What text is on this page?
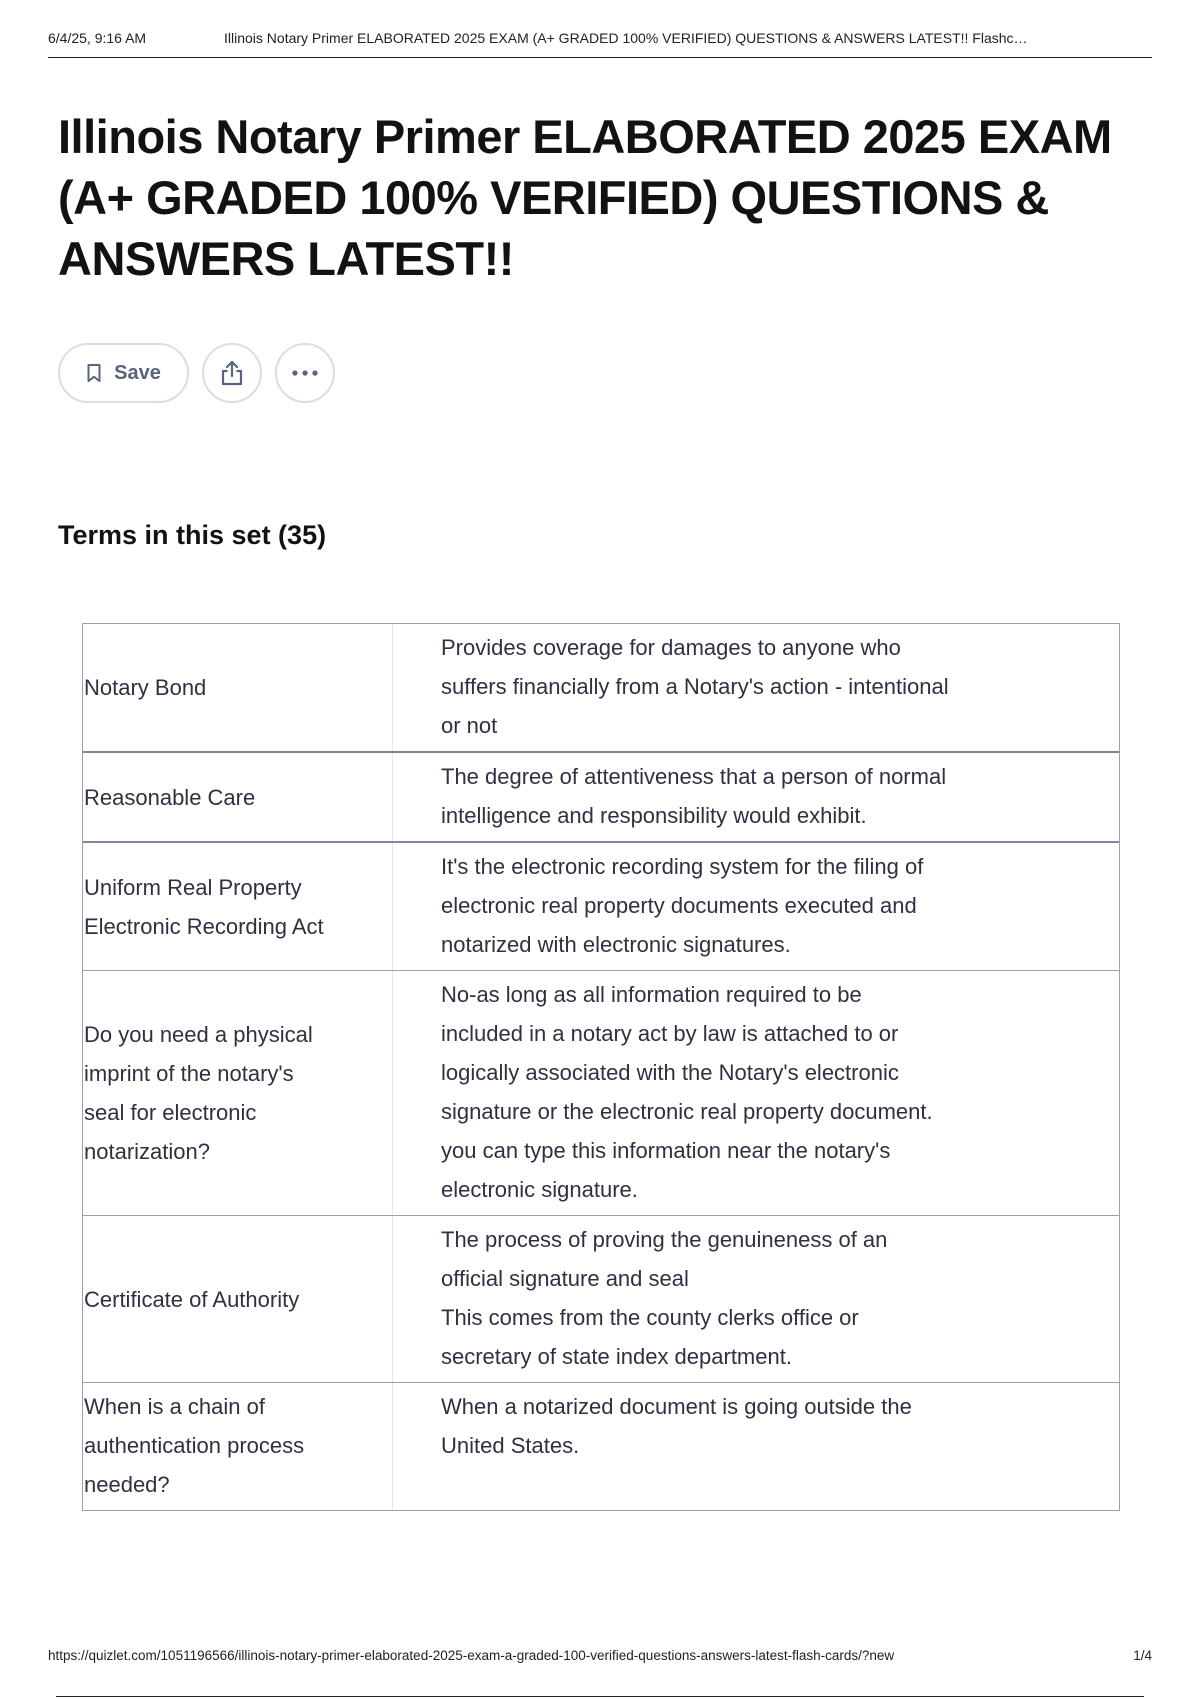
6/4/25, 9:16 AM	Illinois Notary Primer ELABORATED 2025 EXAM (A+ GRADED 100% VERIFIED) QUESTIONS & ANSWERS LATEST!! Flashc…
Illinois Notary Primer ELABORATED 2025 EXAM (A+ GRADED 100% VERIFIED) QUESTIONS & ANSWERS LATEST!!
Save
Terms in this set (35)
Notary Bond
Provides coverage for damages to anyone who
suffers financially from a Notary's action - intentional
or not
Reasonable Care
The degree of attentiveness that a person of normal
intelligence and responsibility would exhibit.
Uniform Real Property
Electronic Recording Act
It's the electronic recording system for the filing of
electronic real property documents executed and
notarized with electronic signatures.
Do you need a physical
imprint of the notary's
seal for electronic
notarization?
No-as long as all information required to be
included in a notary act by law is attached to or
logically associated with the Notary's electronic
signature or the electronic real property document.
you can type this information near the notary's
electronic signature.
Certificate of Authority
The process of proving the genuineness of an
official signature and seal
This comes from the county clerks office or
secretary of state index department.
When is a chain of
authentication process
needed?
When a notarized document is going outside the
United States.
https://quizlet.com/1051196566/illinois-notary-primer-elaborated-2025-exam-a-graded-100-verified-questions-answers-latest-flash-cards/?new	1/4
